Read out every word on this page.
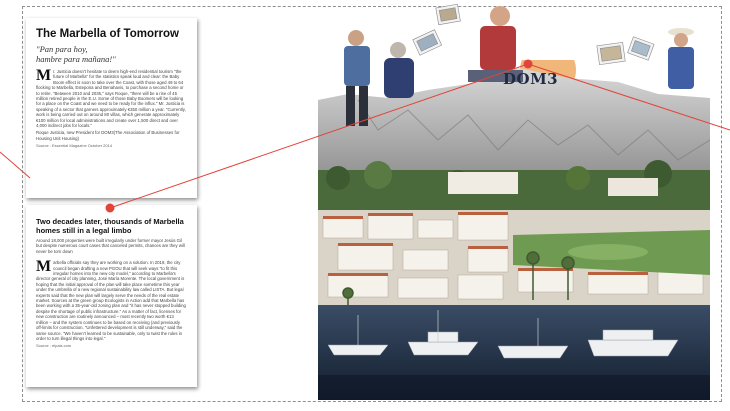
The Marbella of Tomorrow
"Pan para hoy,
hambre para mañana!"

M r. Justicia doesn't hesitate to deem high-end residential tourism "the future of Marbella" for the statistics speak loud and clear: the Baby Boom effect is soon to take over the Coast, with those aged 49 to 64 flocking to Marbella, Estepona and Benahavis, to purchase a second home or to retire. "Between 2010 and 2035," says Roque, "there will be a rise of 45 million retired people in the E.U. Some of those Baby Boomers will be looking for a place on the Coast and we need to be ready for the influx." Mr. Justicia is speaking of a sector that garners approximately €350 million a year. "Currently, work is being carried out on around 80 villas, which generate approximately €100 million for local administrations and create over 1,500 direct and over 4,000 indirect jobs for locals."

Roque Justicia, new President for DOM3(The Association of Businesses for Housing Unit Housing)

Source : Essential Magazine October 2014
Two decades later, thousands of Marbella homes still in a legal limbo

Around 18,000 properties were built irregularly under former mayor Jesús Gil but despite numerous court cases that canceled permits, chances are they will never be torn down

M arbella officials say they are working on a solution. In 2019, the city council began drafting a new PGOU that will seek ways "to fit this irregular homes into the new city model," according to Marbella's director general of city planning, José María Morente. The local government is hoping that the initial approval of the plan will take place sometime this year under the umbrella of a new regional sustainability law called LISTA. But legal experts said that the new plan will largely serve the needs of the real estate market. Sources at the green group Ecologists in Action add that Marbella has been working with a 35-year-old zoning plan and "it has never stopped building despite the shortage of public infrastructure." As a matter of fact, licenses for new construction are routinely announced – most recently two worth €13 million – and the system continues to be based on receiving (and previously off-limits for construction. "Unfettered development is still underway," said the same source. "We haven't learned to be sustainable, only to twist the rules in order to turn illegal things into legal."

Source : elpais.com
DOM3
